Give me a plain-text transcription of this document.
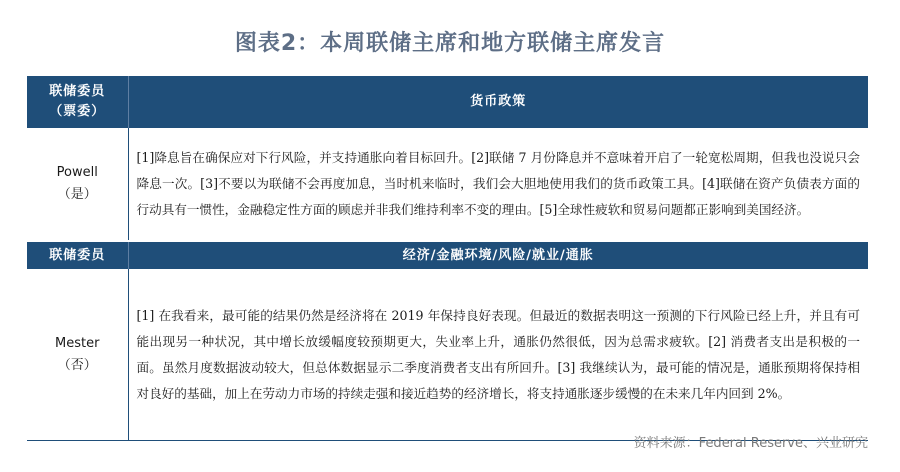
图表2：本周联储主席和地方联储主席发言
联储委员
（票委）	货币政策

Powell
（是）	[1]降息旨在确保应对下行风险，并支持通胀向着目标回升。[2]联储 7 月份降息并不意味着开启了一轮宽松周期，但我也没说只会降息一次。[3]不要以为联储不会再度加息，当时机来临时，我们会大胆地使用我们的货币政策工具。[4]联储在资产负债表方面的行动具有一惯性，金融稳定性方面的顾虑并非我们维持利率不变的理由。[5]全球性疲软和贸易问题都正影响到美国经济。
联储委员	经济/金融环境/风险/就业/通胀

Mester
（否）	[1] 在我看来，最可能的结果仍然是经济将在 2019 年保持良好表现。但最近的数据表明这一预测的下行风险已经上升，并且有可能出现另一种状况，其中增长放缓幅度较预期更大，失业率上升，通胀仍然很低，因为总需求疲软。[2] 消费者支出是积极的一面。虽然月度数据波动较大，但总体数据显示二季度消费者支出有所回升。[3] 我继续认为，最可能的情况是，通胀预期将保持相对良好的基础，加上在劳动力市场的持续走强和接近趋势的经济增长，将支持通胀逐步缓慢的在未来几年内回到 2%。
资料来源：Federal Reserve、兴业研究
